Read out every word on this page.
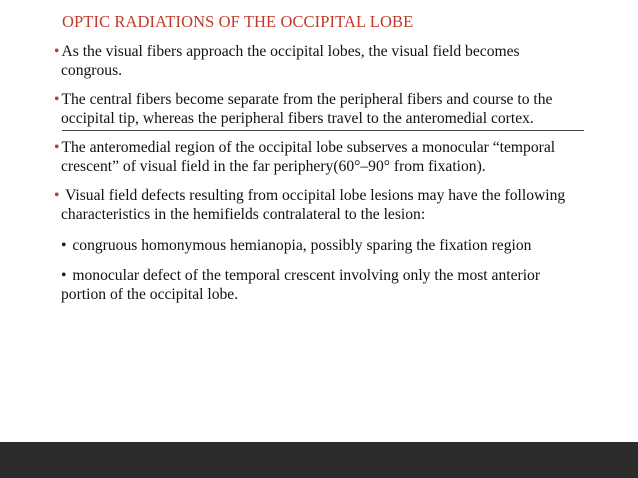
OPTIC RADIATIONS OF THE OCCIPITAL LOBE
• As the visual fibers approach the occipital lobes, the visual field becomes
congrous.
• The central fibers become separate from the peripheral fibers and course to the
occipital tip, whereas the peripheral fibers travel to the anteromedial cortex.
• The anteromedial region of the occipital lobe subserves a monocular “temporal
crescent” of visual field in the far periphery(60°–90° from fixation).
• Visual field defects resulting from occipital lobe lesions may have the following
characteristics in the hemifields contralateral to the lesion:
• congruous homonymous hemianopia, possibly sparing the fixation region
• monocular defect of the temporal crescent involving only the most anterior
portion of the occipital lobe.
